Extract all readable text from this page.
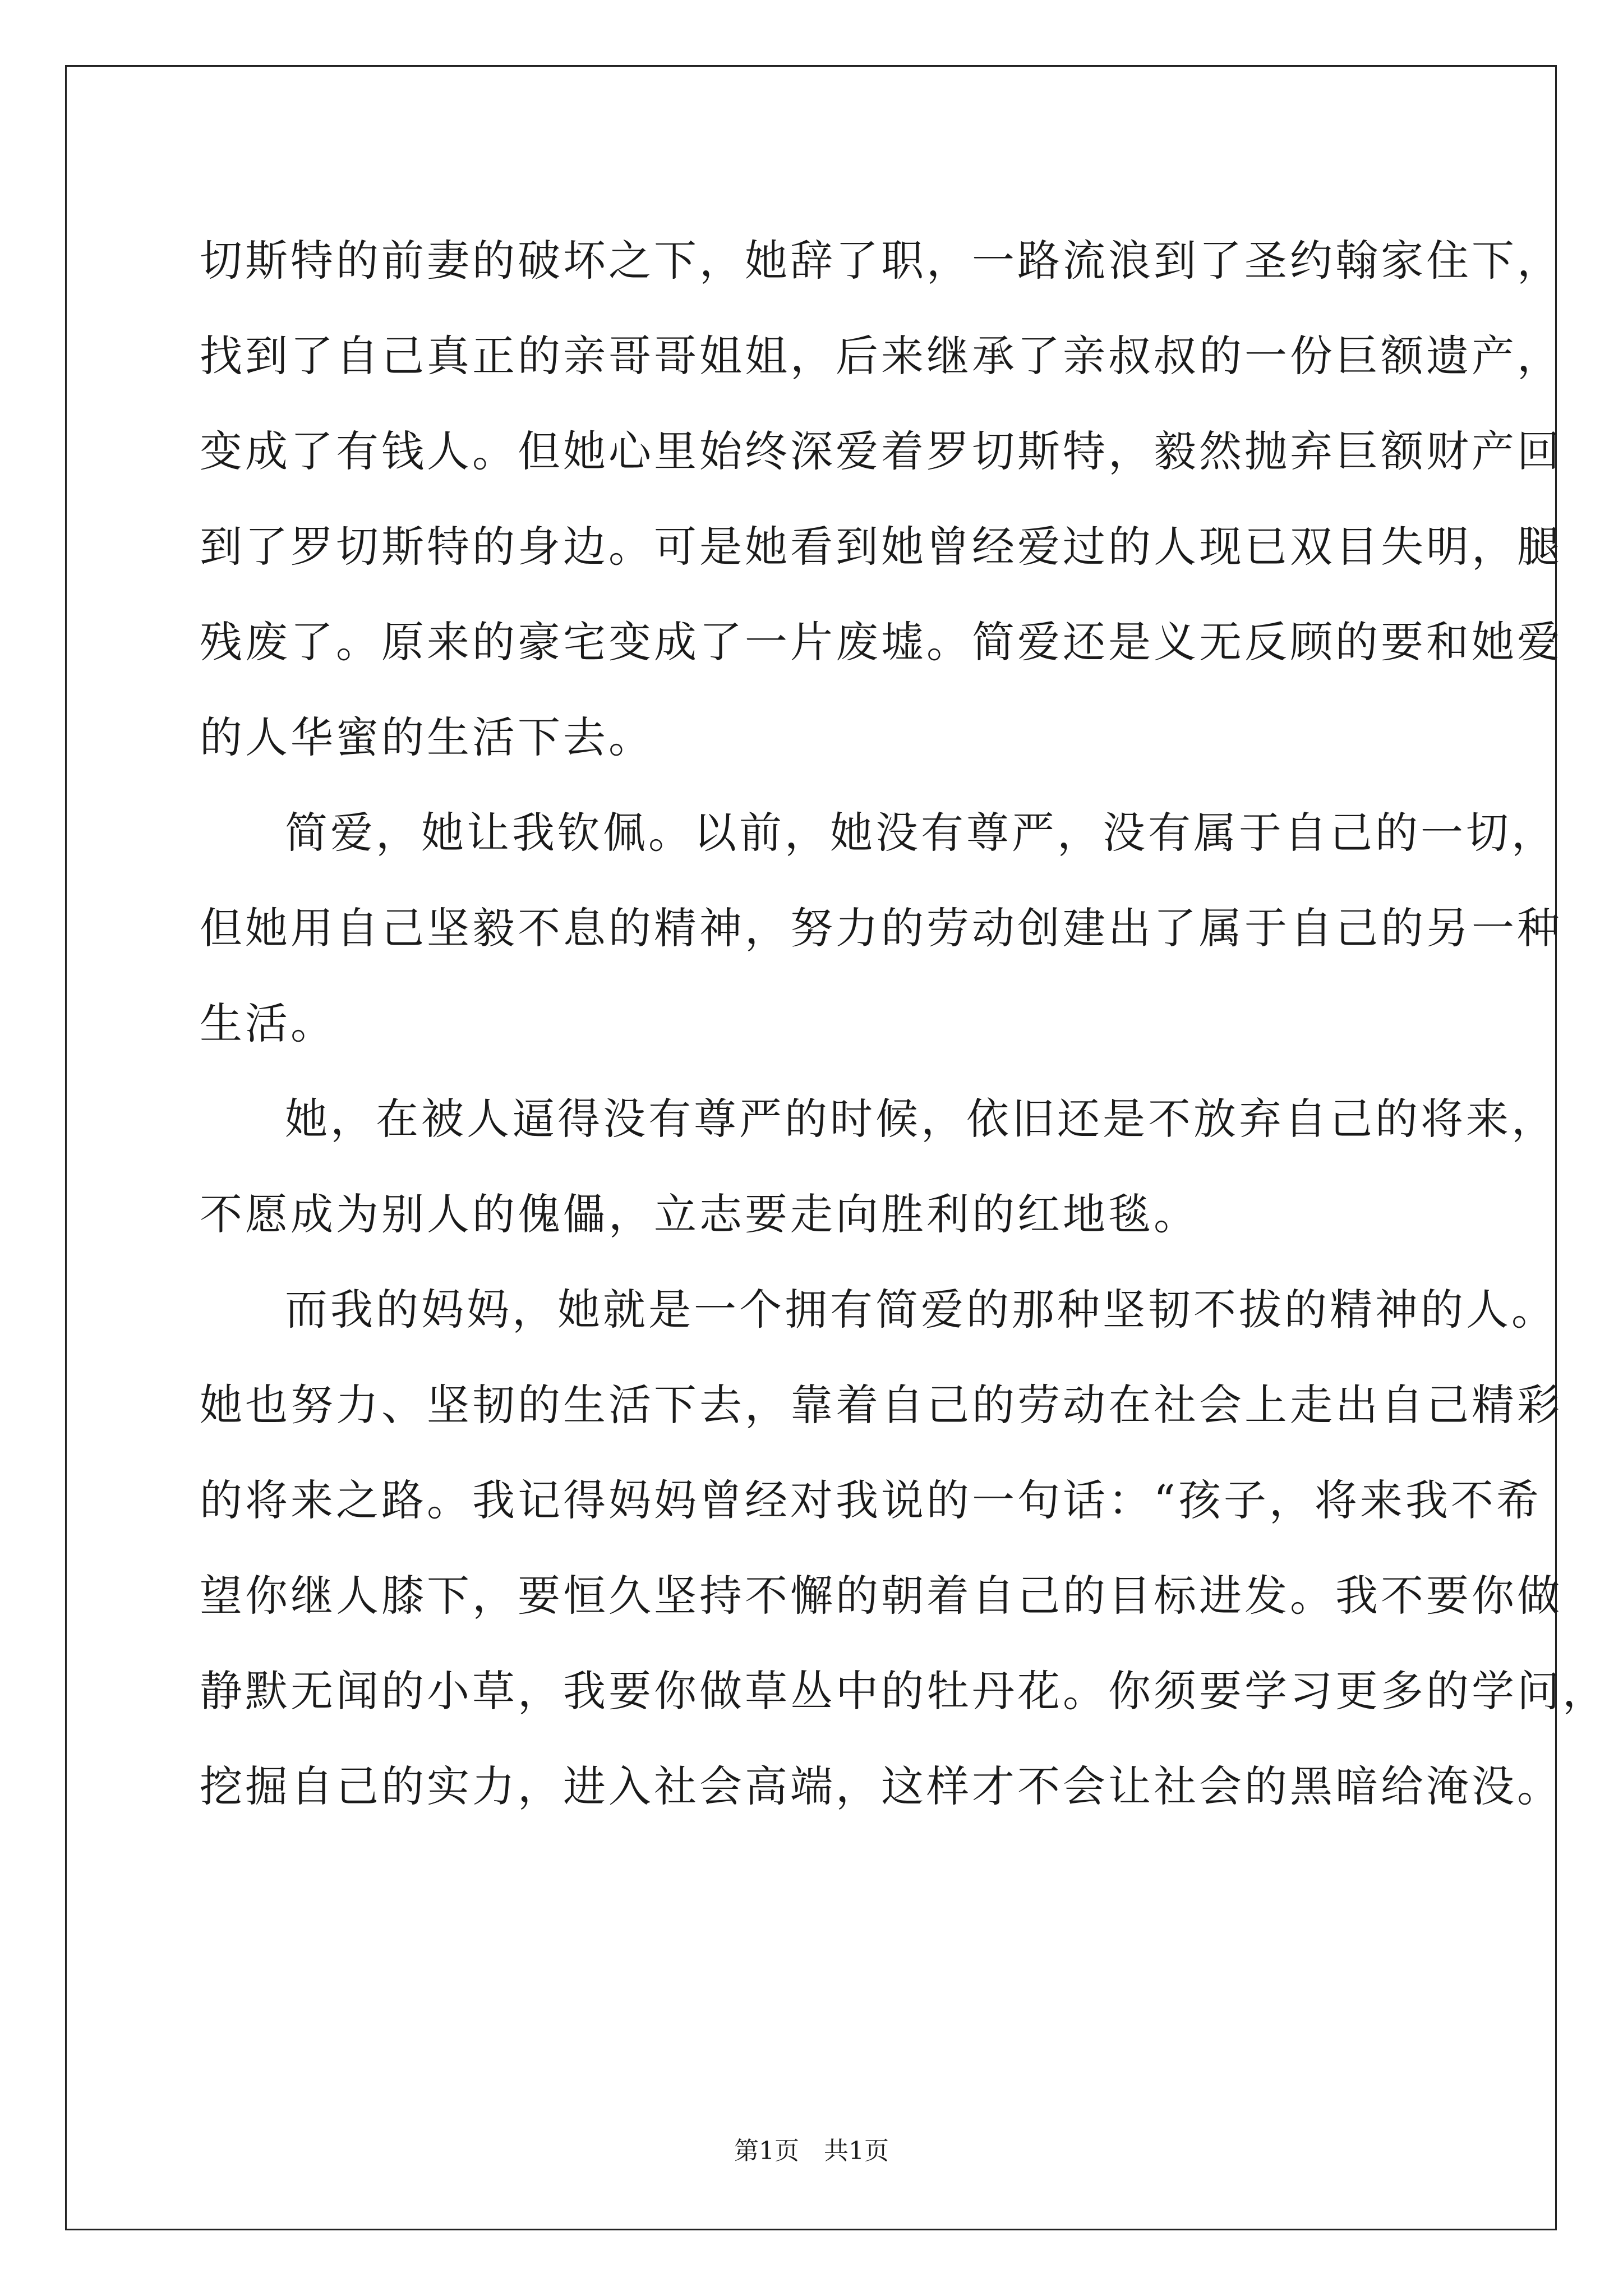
切斯特的前妻的破坏之下，她辞了职，一路流浪到了圣约翰家住下，

找到了自己真正的亲哥哥姐姐，后来继承了亲叔叔的一份巨额遗产，

变成了有钱人。但她心里始终深爱着罗切斯特，毅然抛弃巨额财产回

到了罗切斯特的身边。可是她看到她曾经爱过的人现已双目失明，腿

残废了。原来的豪宅变成了一片废墟。简爱还是义无反顾的要和她爱

的人华蜜的生活下去。

简爱，她让我钦佩。以前，她没有尊严，没有属于自己的一切，

但她用自己坚毅不息的精神，努力的劳动创建出了属于自己的另一种

生活。

她，在被人逼得没有尊严的时候，依旧还是不放弃自己的将来，

不愿成为别人的傀儡，立志要走向胜利的红地毯。

而我的妈妈，她就是一个拥有简爱的那种坚韧不拔的精神的人。

她也努力、坚韧的生活下去，靠着自己的劳动在社会上走出自己精彩

的将来之路。我记得妈妈曾经对我说的一句话：“孩子，将来我不希

望你继人膝下，要恒久坚持不懈的朝着自己的目标进发。我不要你做

静默无闻的小草，我要你做草丛中的牡丹花。你须要学习更多的学问，

挖掘自己的实力，进入社会高端，这样才不会让社会的黑暗给淹没。

第1页 共1页
